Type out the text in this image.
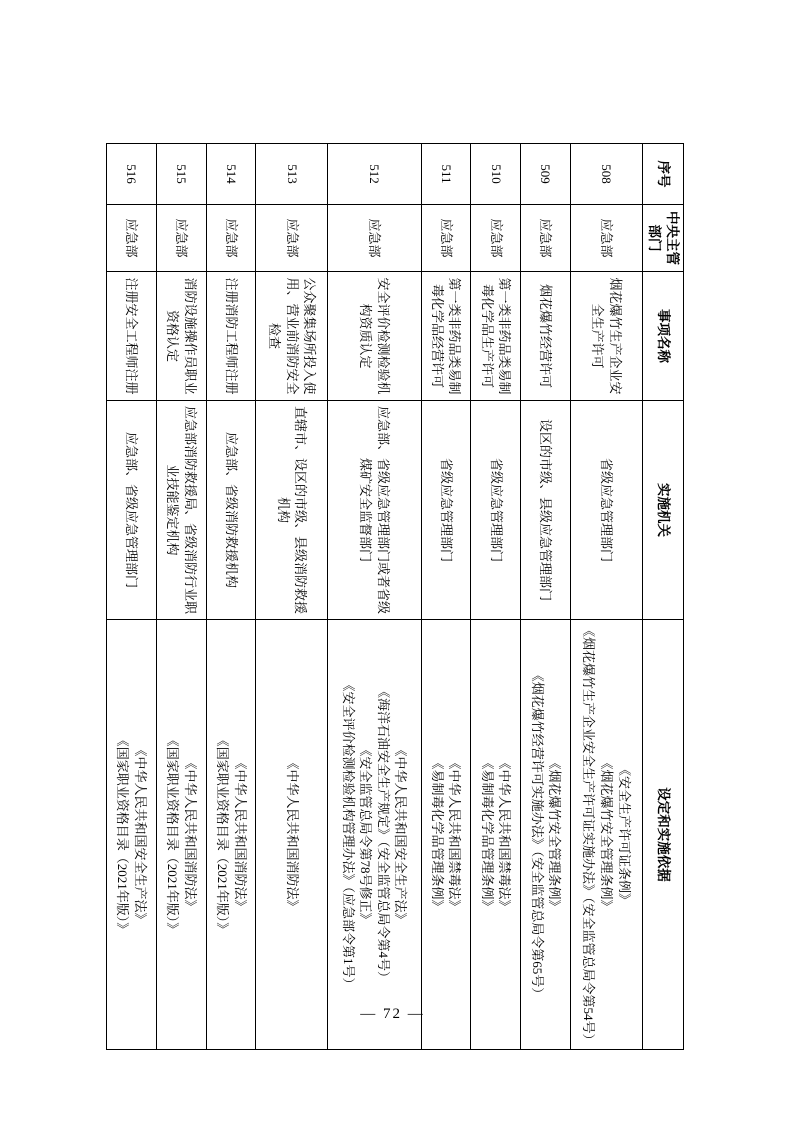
序号	中央主管部门	事项名称	实施机关	设定和实施依据
508	应急部	烟花爆竹生产企业安全生产许可	省级应急管理部门	《安全生产许可证条例》
《烟花爆竹安全管理条例》
《烟花爆竹生产企业安全生产许可证实施办法》（安全监管总局令第54号）

509	应急部	烟花爆竹经营许可	设区的市级、县级应急管理部门	《烟花爆竹安全管理条例》
《烟花爆竹经营许可实施办法》（安全监管总局令第65号）

510	应急部	第一类非药品类易制毒化学品生产许可	省级应急管理部门	《中华人民共和国禁毒法》
《易制毒化学品管理条例》

511	应急部	第一类非药品类易制毒化学品经营许可	省级应急管理部门	《中华人民共和国禁毒法》
《易制毒化学品管理条例》

512	应急部	安全评价检测检验机构资质认定	应急部、省级应急管理部门或者省级煤矿安全监督部门	《中华人民共和国安全生产法》
《海洋石油安全生产规定》（安全监管总局令第4号）
《安全监管总局令第78号修正》
《安全评价检测检验机构管理办法》（应急部令第1号）

513	应急部	公众聚集场所投入使用、营业前消防安全检查	直辖市、设区的市级、县级消防救援机构	《中华人民共和国消防法》

514	应急部	注册消防工程师注册	应急部、省级消防救援机构	《中华人民共和国消防法》
《国家职业资格目录（2021年版）》

515	应急部	消防设施操作员职业资格认定	应急部消防救援局、省级消防行业职业技能鉴定机构	《中华人民共和国消防法》
《国家职业资格目录（2021年版）》

516	应急部	注册安全工程师注册	应急部、省级应急管理部门	《中华人民共和国安全生产法》
《国家职业资格目录（2021年版）》
— 72 —
